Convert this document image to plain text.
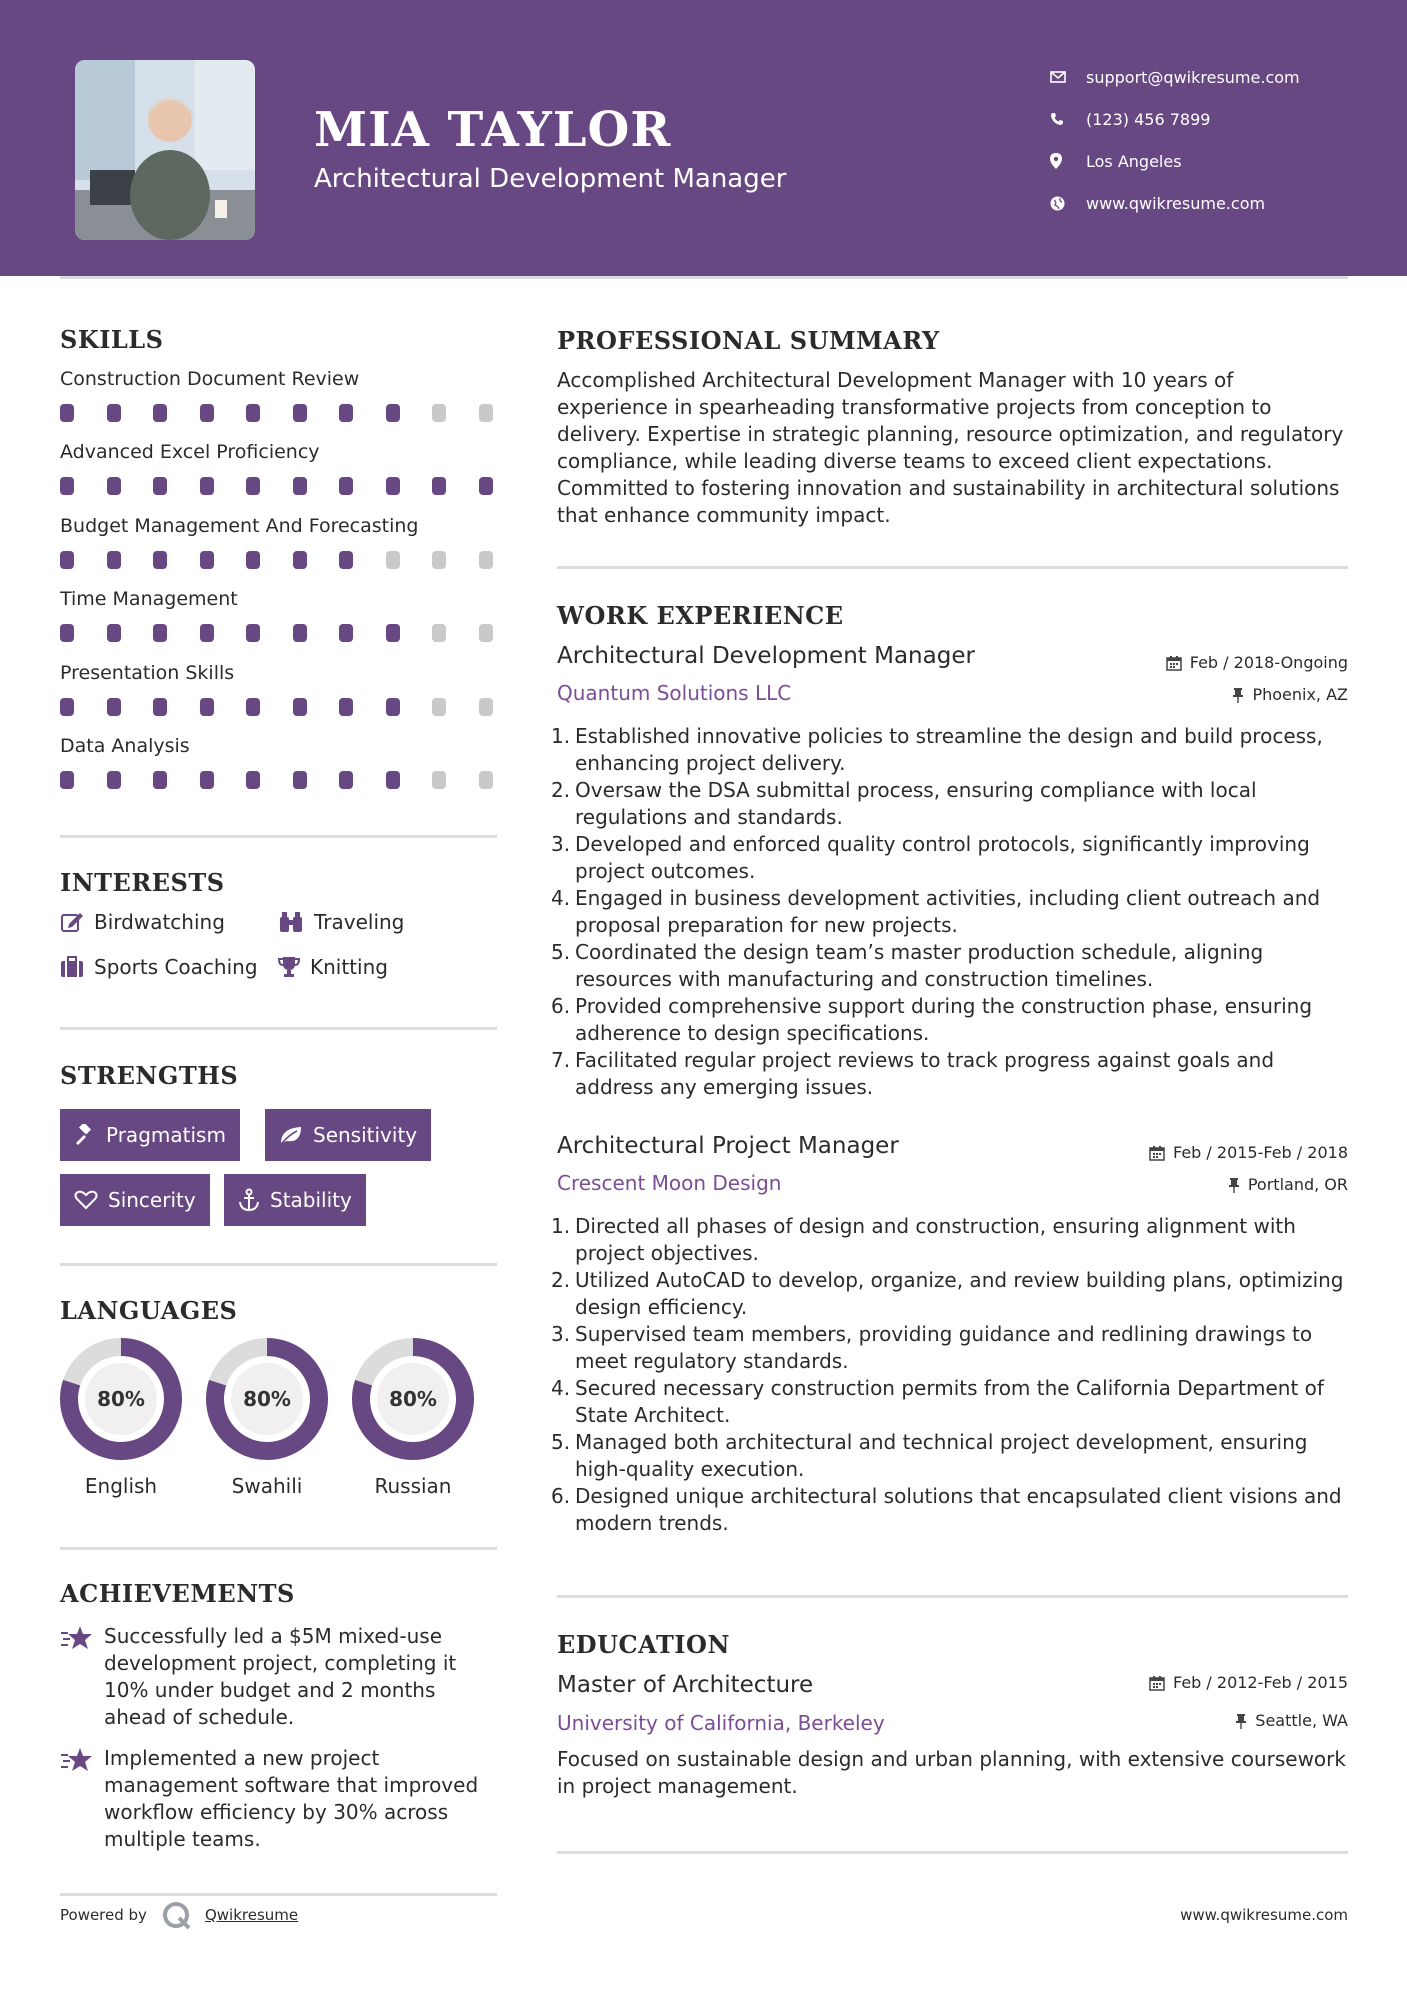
MIA TAYLOR
Architectural Development Manager
support@qwikresume.com
(123) 456 7899
Los Angeles
www.qwikresume.com
SKILLS
Construction Document Review
Advanced Excel Proficiency
Budget Management And Forecasting
Time Management
Presentation Skills
Data Analysis
INTERESTS
Birdwatching	Traveling
Sports Coaching	Knitting
STRENGTHS
Pragmatism	Sensitivity
Sincerity	Stability
LANGUAGES
80%
English
80%
Swahili
80%
Russian
ACHIEVEMENTS
Successfully led a $5M mixed-use development project, completing it 10% under budget and 2 months ahead of schedule.
Implemented a new project management software that improved workflow efficiency by 30% across multiple teams.
PROFESSIONAL SUMMARY
Accomplished Architectural Development Manager with 10 years of experience in spearheading transformative projects from conception to delivery. Expertise in strategic planning, resource optimization, and regulatory compliance, while leading diverse teams to exceed client expectations. Committed to fostering innovation and sustainability in architectural solutions that enhance community impact.
WORK EXPERIENCE
Architectural Development Manager	Feb / 2018-Ongoing
Quantum Solutions LLC	Phoenix, AZ
1. Established innovative policies to streamline the design and build process, enhancing project delivery.
2. Oversaw the DSA submittal process, ensuring compliance with local regulations and standards.
3. Developed and enforced quality control protocols, significantly improving project outcomes.
4. Engaged in business development activities, including client outreach and proposal preparation for new projects.
5. Coordinated the design team’s master production schedule, aligning resources with manufacturing and construction timelines.
6. Provided comprehensive support during the construction phase, ensuring adherence to design specifications.
7. Facilitated regular project reviews to track progress against goals and address any emerging issues.
Architectural Project Manager	Feb / 2015-Feb / 2018
Crescent Moon Design	Portland, OR
1. Directed all phases of design and construction, ensuring alignment with project objectives.
2. Utilized AutoCAD to develop, organize, and review building plans, optimizing design efficiency.
3. Supervised team members, providing guidance and redlining drawings to meet regulatory standards.
4. Secured necessary construction permits from the California Department of State Architect.
5. Managed both architectural and technical project development, ensuring high-quality execution.
6. Designed unique architectural solutions that encapsulated client visions and modern trends.
EDUCATION
Master of Architecture	Feb / 2012-Feb / 2015
University of California, Berkeley	Seattle, WA
Focused on sustainable design and urban planning, with extensive coursework in project management.
Powered by	Qwikresume	www.qwikresume.com
